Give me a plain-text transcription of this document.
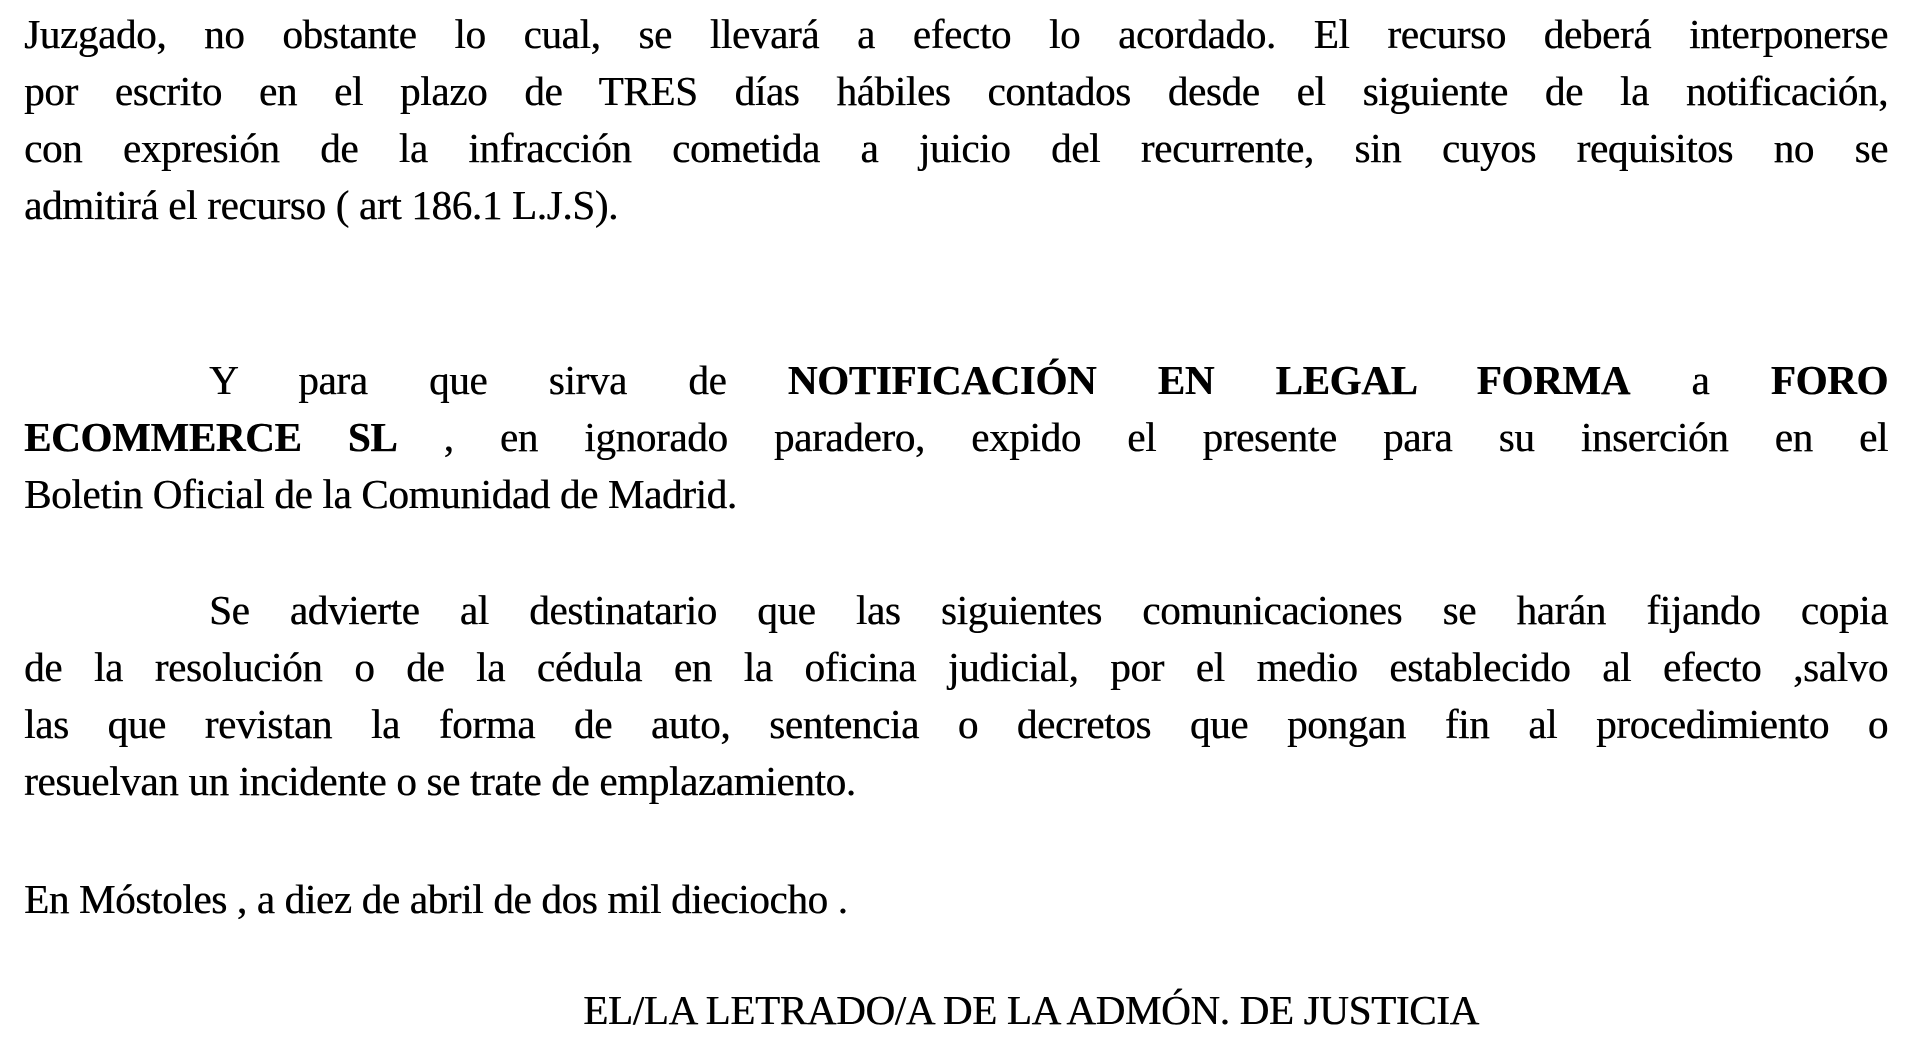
Juzgado, no obstante lo cual, se llevará a efecto lo acordado. El recurso deberá interponerse
por escrito en el plazo de TRES días hábiles contados desde el siguiente de la notificación,
con expresión de la infracción cometida a juicio del recurrente, sin cuyos requisitos no se
admitirá el recurso ( art 186.1 L.J.S).
Y para que sirva de NOTIFICACIÓN EN LEGAL FORMA a FORO
ECOMMERCE SL , en ignorado paradero, expido el presente para su inserción en el
Boletin Oficial de la Comunidad de Madrid.
Se advierte al destinatario que las siguientes comunicaciones se harán fijando copia
de la resolución o de la cédula en la oficina judicial, por el medio establecido al efecto ,salvo
las que revistan la forma de auto, sentencia o decretos que pongan fin al procedimiento o
resuelvan un incidente o se trate de emplazamiento.
En Móstoles , a diez de abril de dos mil dieciocho .
EL/LA LETRADO/A DE LA ADMÓN. DE JUSTICIA
